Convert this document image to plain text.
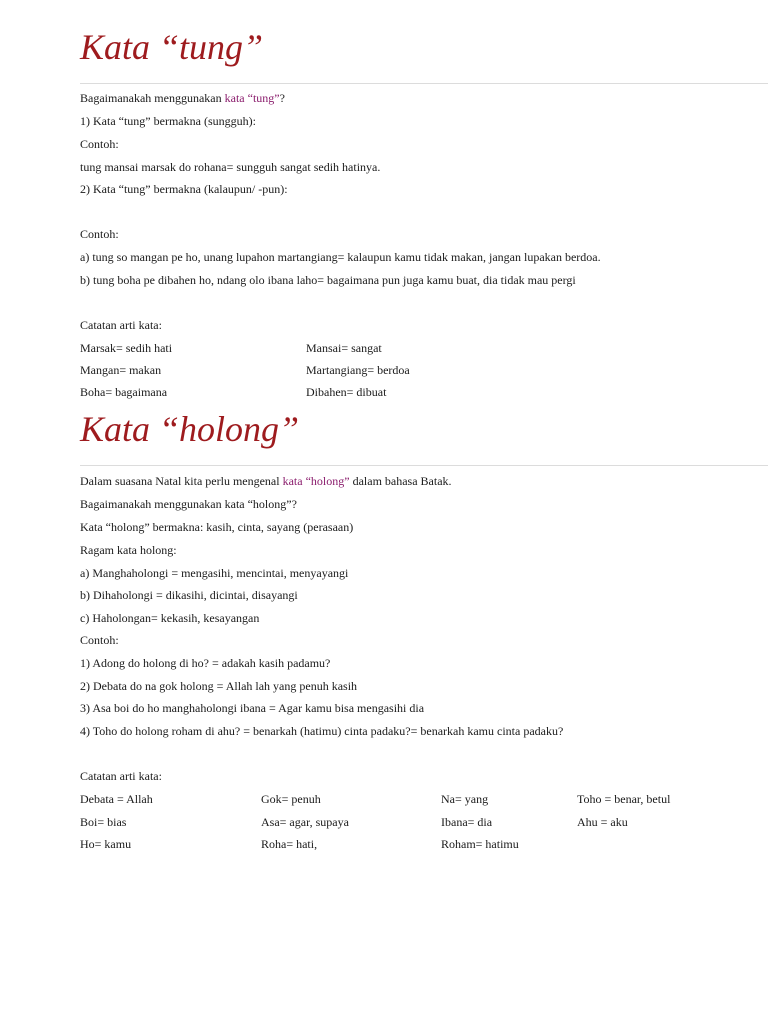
Kata “tung”

Bagaimanakah menggunakan kata “tung”?

1) Kata “tung” bermakna (sungguh):

Contoh:

tung mansai marsak do rohana= sungguh sangat sedih hatinya.

2) Kata “tung” bermakna (kalaupun/ -pun):

Contoh:

a) tung so mangan pe ho, unang lupahon martangiang= kalaupun kamu tidak makan, jangan lupakan berdoa.

b) tung boha pe dibahen ho, ndang olo ibana laho= bagaimana pun juga kamu buat, dia tidak mau pergi

Catatan arti kata:

Marsak= sedih hati	Mansai= sangat

Mangan= makan	Martangiang= berdoa

Boha= bagaimana	Dibahen= dibuat

Kata “holong”

Dalam suasana Natal kita perlu mengenal kata “holong” dalam bahasa Batak.

Bagaimanakah menggunakan kata “holong”?

Kata “holong” bermakna: kasih, cinta, sayang (perasaan)

Ragam kata holong:

a) Manghaholongi = mengasihi, mencintai, menyayangi

b) Dihaholongi = dikasihi, dicintai, disayangi

c) Haholongan= kekasih, kesayangan

Contoh:

1) Adong do holong di ho? = adakah kasih padamu?

2) Debata do na gok holong = Allah lah yang penuh kasih

3) Asa boi do ho manghaholongi ibana = Agar kamu bisa mengasihi dia

4) Toho do holong roham di ahu? = benarkah (hatimu) cinta padaku?= benarkah kamu cinta padaku?

Catatan arti kata:

Debata = Allah	Gok= penuh	Na= yang	Toho = benar, betul

Boi= bias	Asa= agar, supaya	Ibana= dia	Ahu = aku

Ho= kamu	Roha= hati,	Roham= hatimu
